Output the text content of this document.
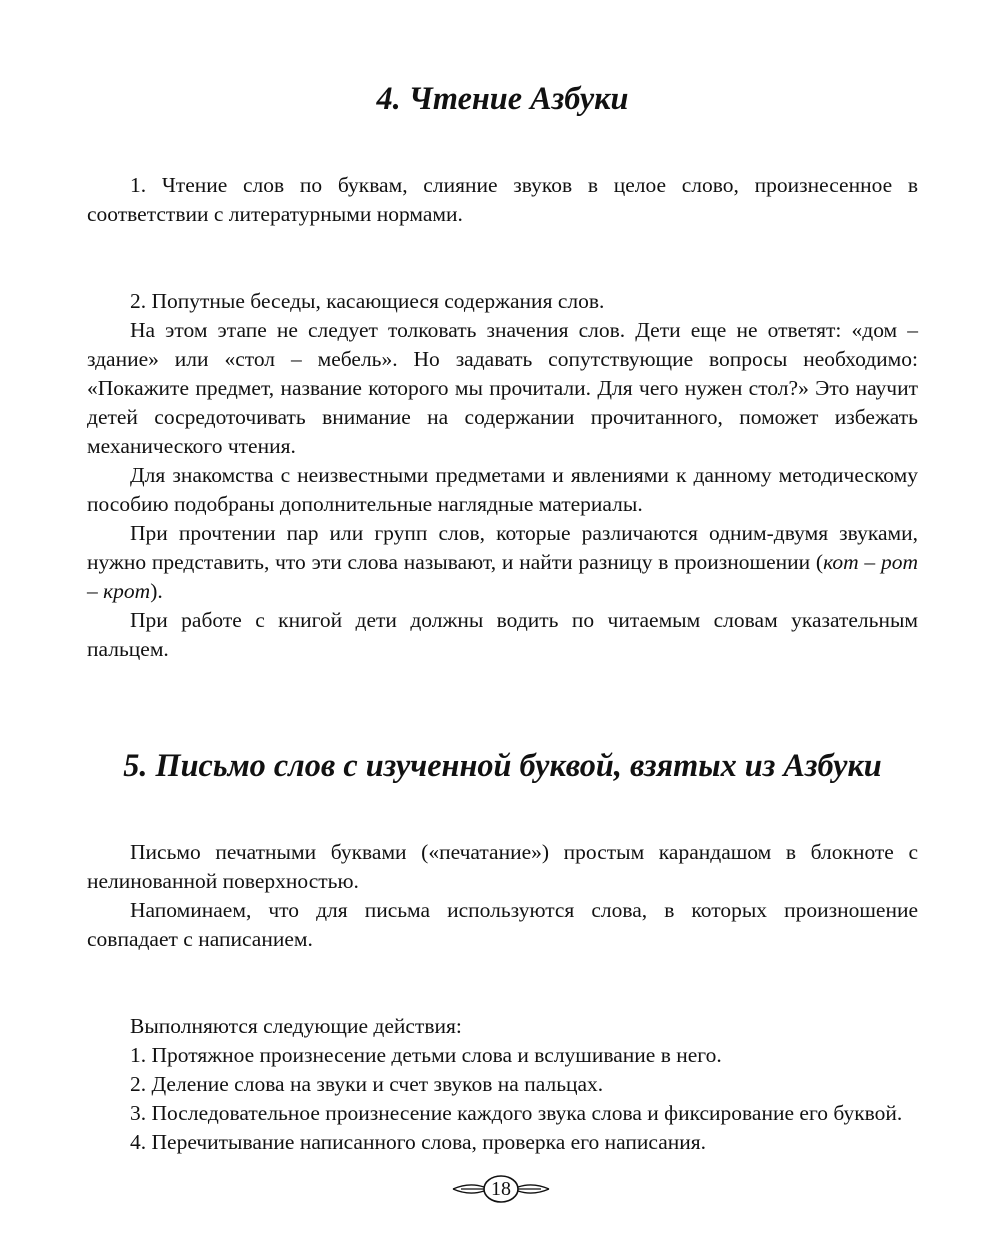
4. Чтение Азбуки

1. Чтение слов по буквам, слияние звуков в целое слово, произнесенное в соответствии с литературными нормами.

2. Попутные беседы, касающиеся содержания слов.

На этом этапе не следует толковать значения слов. Дети еще не ответят: «дом – здание» или «стол – мебель». Но задавать сопутствующие вопросы необходимо: «Покажите предмет, название которого мы прочитали. Для чего нужен стол?» Это научит детей сосредоточивать внимание на содержании прочитанного, поможет избежать механического чтения.

Для знакомства с неизвестными предметами и явлениями к данному методическому пособию подобраны дополнительные наглядные материалы.

При прочтении пар или групп слов, которые различаются одним-двумя звуками, нужно представить, что эти слова называют, и найти разницу в произношении (кот – рот – крот).

При работе с книгой дети должны водить по читаемым словам указательным пальцем.

5. Письмо слов с изученной буквой, взятых из Азбуки

Письмо печатными буквами («печатание») простым карандашом в блокноте с нелинованной поверхностью.

Напоминаем, что для письма используются слова, в которых произношение совпадает с написанием.

Выполняются следующие действия:

1. Протяжное произнесение детьми слова и вслушивание в него.

2. Деление слова на звуки и счет звуков на пальцах.

3. Последовательное произнесение каждого звука слова и фиксирование его буквой.

4. Перечитывание написанного слова, проверка его написания.

18
